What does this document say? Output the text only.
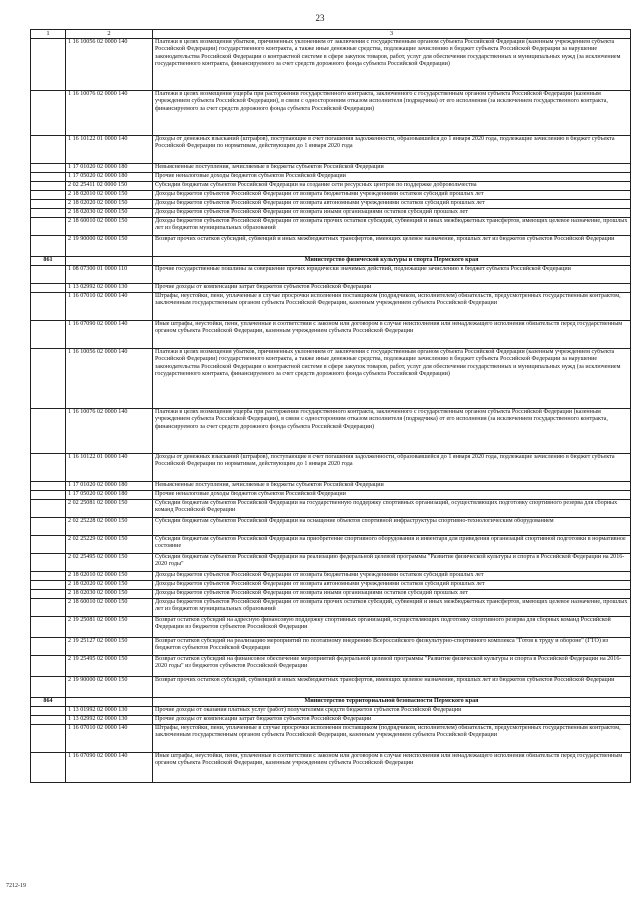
23
1	2	3
	1 16 10056 02 0000 140	Платежи в целях возмещения убытков, причиненных уклонением от заключения с государственным органом субъекта Российской Федерации (казенным учреждением субъекта Российской Федерации) государственного контракта, а также иные денежные средства, подлежащие зачислению в бюджет субъекта Российской Федерации за нарушение законодательства Российской Федерации о контрактной системе в сфере закупок товаров, работ, услуг для обеспечения государственных и муниципальных нужд (за исключением государственного контракта, финансируемого за счет средств дорожного фонда субъекта Российской Федерации)
	1 16 10076 02 0000 140	Платежи в целях возмещения ущерба при расторжении государственного контракта, заключенного с государственным органом субъекта Российской Федерации (казенным учреждением субъекта Российской Федерации), в связи с односторонним отказом исполнителя (подрядчика) от его исполнения (за исключением государственного контракта, финансируемого за счет средств дорожного фонда субъекта Российской Федерации)
	1 16 10122 01 0000 140	Доходы от денежных взысканий (штрафов), поступающие в счет погашения задолженности, образовавшейся до 1 января 2020 года, подлежащие зачислению в бюджет субъекта Российской Федерации по нормативам, действующим до 1 января 2020 года
	1 17 01020 02 0000 180	Невыясненные поступления, зачисляемые в бюджеты субъектов Российской Федерации
	1 17 05020 02 0000 180	Прочие неналоговые доходы бюджетов субъектов Российской Федерации
	2 02 25411 02 0000 150	Субсидии бюджетам субъектов Российской Федерации на создание сети ресурсных центров по поддержке добровольчества
	2 18 02010 02 0000 150	Доходы бюджетов субъектов Российской Федерации от возврата бюджетными учреждениями остатков субсидий прошлых лет
	2 18 02020 02 0000 150	Доходы бюджетов субъектов Российской Федерации от возврата автономными учреждениями остатков субсидий прошлых лет
	2 18 02030 02 0000 150	Доходы бюджетов субъектов Российской Федерации от возврата иными организациями остатков субсидий прошлых лет
	2 18 60010 02 0000 150	Доходы бюджетов субъектов Российской Федерации от возврата прочих остатков субсидий, субвенций и иных межбюджетных трансфертов, имеющих целевое назначение, прошлых лет из бюджетов муниципальных образований
	2 19 90000 02 0000 150	Возврат прочих остатков субсидий, субвенций и иных межбюджетных трансфертов, имеющих целевое назначение, прошлых лет из бюджетов субъектов Российской Федерации
861		Министерство физической культуры и спорта Пермского края
	1 08 07300 01 0000 110	Прочие государственные пошлины за совершение прочих юридически значимых действий, подлежащие зачислению в бюджет субъекта Российской Федерации
	1 13 02992 02 0000 130	Прочие доходы от компенсации затрат бюджетов субъектов Российской Федерации
	1 16 07010 02 0000 140	Штрафы, неустойки, пени, уплаченные в случае просрочки исполнения поставщиком (подрядчиком, исполнителем) обязательств, предусмотренных государственным контрактом, заключенным государственным органом субъекта Российской Федерации, казенным учреждением субъекта Российской Федерации
	1 16 07090 02 0000 140	Иные штрафы, неустойки, пени, уплаченные в соответствии с законом или договором в случае неисполнения или ненадлежащего исполнения обязательств перед государственным органом субъекта Российской Федерации, казенным учреждением субъекта Российской Федерации
	1 16 10056 02 0000 140	Платежи в целях возмещения убытков, причиненных уклонением от заключения с государственным органом субъекта Российской Федерации (казенным учреждением субъекта Российской Федерации) государственного контракта, а также иные денежные средства, подлежащие зачислению в бюджет субъекта Российской Федерации за нарушение законодательства Российской Федерации о контрактной системе в сфере закупок товаров, работ, услуг для обеспечения государственных и муниципальных нужд (за исключением государственного контракта, финансируемого за счет средств дорожного фонда субъекта Российской Федерации)
	1 16 10076 02 0000 140	Платежи в целях возмещения ущерба при расторжении государственного контракта, заключенного с государственным органом субъекта Российской Федерации (казенным учреждением субъекта Российской Федерации), в связи с односторонним отказом исполнителя (подрядчика) от его исполнения (за исключением государственного контракта, финансируемого за счет средств дорожного фонда субъекта Российской Федерации)
	1 16 10122 01 0000 140	Доходы от денежных взысканий (штрафов), поступающие в счет погашения задолженности, образовавшейся до 1 января 2020 года, подлежащие зачислению в бюджет субъекта Российской Федерации по нормативам, действующим до 1 января 2020 года
	1 17 01020 02 0000 180	Невыясненные поступления, зачисляемые в бюджеты субъектов Российской Федерации
	1 17 05020 02 0000 180	Прочие неналоговые доходы бюджетов субъектов Российской Федерации
	2 02 25081 02 0000 150	Субсидии бюджетам субъектов Российской Федерации на государственную поддержку спортивных организаций, осуществляющих подготовку спортивного резерва для сборных команд Российской Федерации
	2 02 25228 02 0000 150	Субсидии бюджетам субъектов Российской Федерации на оснащение объектов спортивной инфраструктуры спортивно-технологическим оборудованием
	2 02 25229 02 0000 150	Субсидии бюджетам субъектов Российской Федерации на приобретение спортивного оборудования и инвентаря для приведения организаций спортивной подготовки в нормативное состояние
	2 02 25495 02 0000 150	Субсидии бюджетам субъектов Российской Федерации на реализацию федеральной целевой программы "Развитие физической культуры и спорта в Российской Федерации на 2016-2020 годы"
	2 18 02010 02 0000 150	Доходы бюджетов субъектов Российской Федерации от возврата бюджетными учреждениями остатков субсидий прошлых лет
	2 18 02020 02 0000 150	Доходы бюджетов субъектов Российской Федерации от возврата автономными учреждениями остатков субсидий прошлых лет
	2 18 02030 02 0000 150	Доходы бюджетов субъектов Российской Федерации от возврата иными организациями остатков субсидий прошлых лет
	2 18 60010 02 0000 150	Доходы бюджетов субъектов Российской Федерации от возврата прочих остатков субсидий, субвенций и иных межбюджетных трансфертов, имеющих целевое назначение, прошлых лет из бюджетов муниципальных образований
	2 19 25081 02 0000 150	Возврат остатков субсидий на адресную финансовую поддержку спортивных организаций, осуществляющих подготовку спортивного резерва для сборных команд Российской Федерации из бюджетов субъектов Российской Федерации
	2 19 25127 02 0000 150	Возврат остатков субсидий на реализацию мероприятий по поэтапному внедрению Всероссийского физкультурно-спортивного комплекса "Готов к труду и обороне" (ГТО) из бюджетов субъектов Российской Федерации
	2 19 25495 02 0000 150	Возврат остатков субсидий на финансовое обеспечение мероприятий федеральной целевой программы "Развитие физической культуры и спорта в Российской Федерации на 2016-2020 годы" из бюджетов субъектов Российской Федерации
	2 19 90000 02 0000 150	Возврат прочих остатков субсидий, субвенций и иных межбюджетных трансфертов, имеющих целевое назначение, прошлых лет из бюджетов субъектов Российской Федерации
864		Министерство территориальной безопасности Пермского края
	1 13 01992 02 0000 130	Прочие доходы от оказания платных услуг (работ) получателями средств бюджетов субъектов Российской Федерации
	1 13 02992 02 0000 130	Прочие доходы от компенсации затрат бюджетов субъектов Российской Федерации
	1 16 07010 02 0000 140	Штрафы, неустойки, пени, уплаченные в случае просрочки исполнения поставщиком (подрядчиком, исполнителем) обязательств, предусмотренных государственным контрактом, заключенным государственным органом субъекта Российской Федерации, казенным учреждением субъекта Российской Федерации
	1 16 07090 02 0000 140	Иные штрафы, неустойки, пени, уплаченные в соответствии с законом или договором в случае неисполнения или ненадлежащего исполнения обязательств перед государственным органом субъекта Российской Федерации, казенным учреждением субъекта Российской Федерации
7212-19
